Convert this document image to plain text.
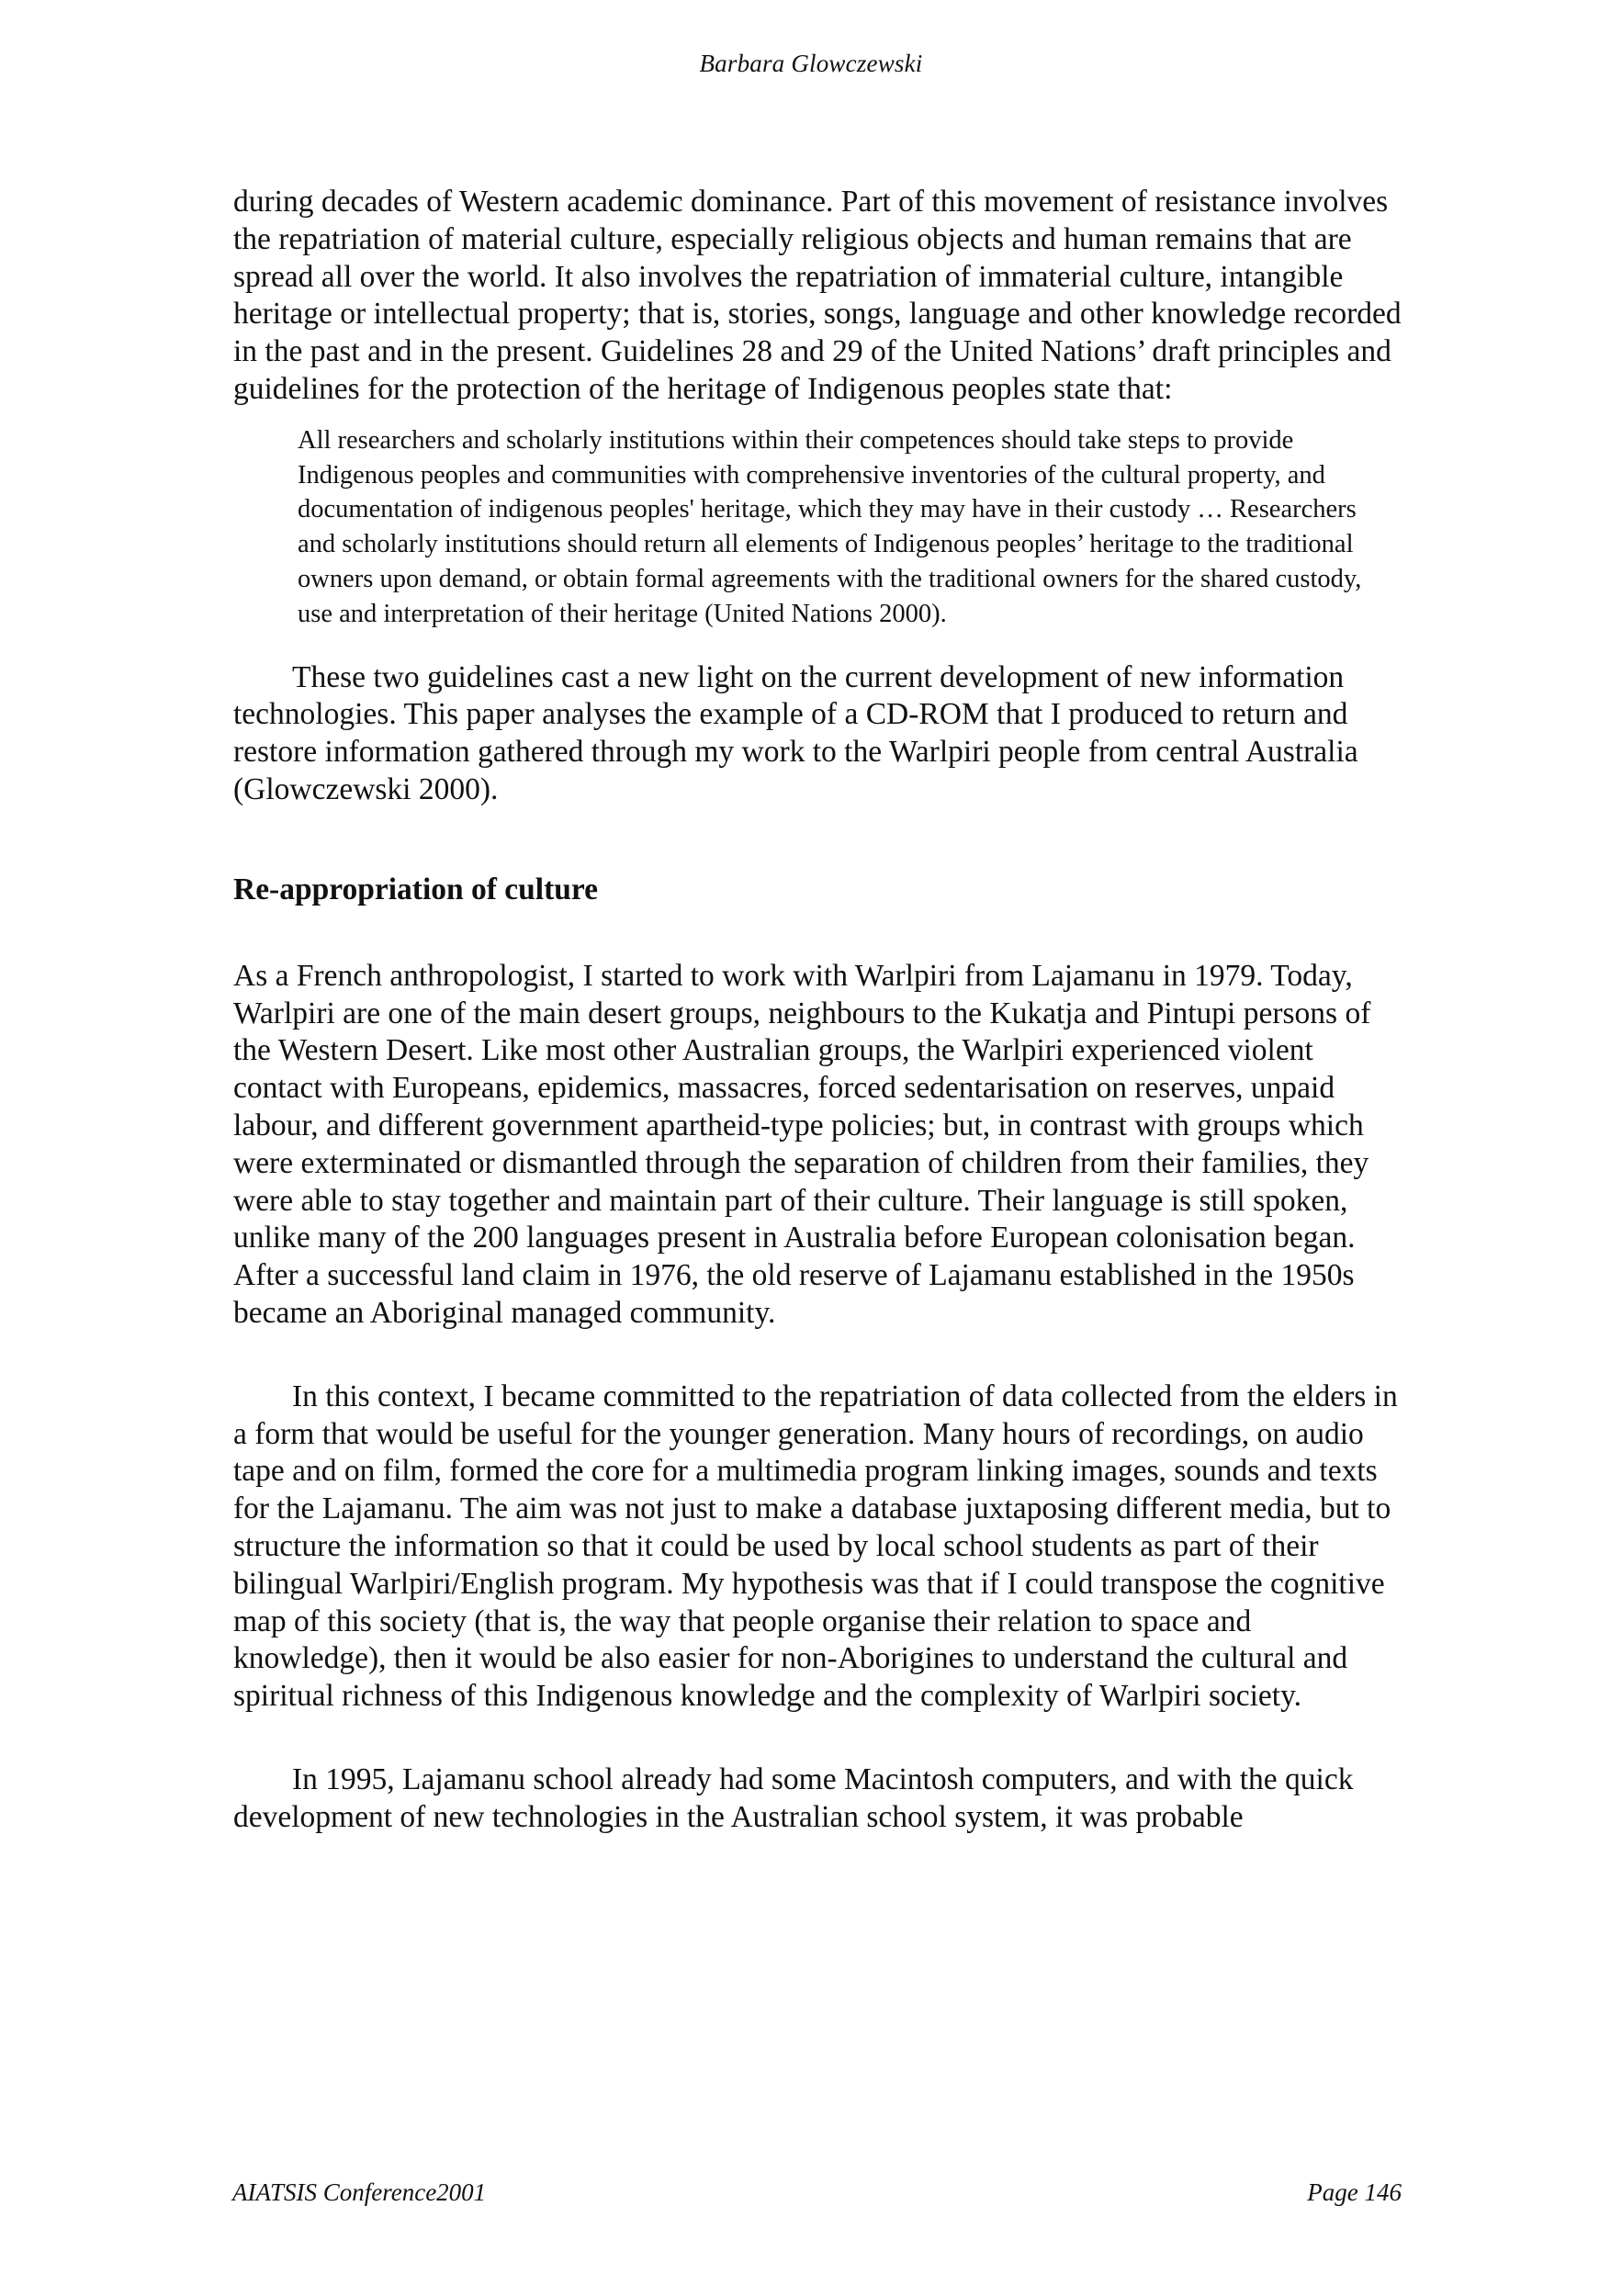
Barbara Glowczewski

during decades of Western academic dominance. Part of this movement of resistance involves the repatriation of material culture, especially religious objects and human remains that are spread all over the world. It also involves the repatriation of immaterial culture, intangible heritage or intellectual property; that is, stories, songs, language and other knowledge recorded in the past and in the present. Guidelines 28 and 29 of the United Nations’ draft principles and guidelines for the protection of the heritage of Indigenous peoples state that:

All researchers and scholarly institutions within their competences should take steps to provide Indigenous peoples and communities with comprehensive inventories of the cultural property, and documentation of indigenous peoples' heritage, which they may have in their custody … Researchers and scholarly institutions should return all elements of Indigenous peoples’ heritage to the traditional owners upon demand, or obtain formal agreements with the traditional owners for the shared custody, use and interpretation of their heritage (United Nations 2000).

These two guidelines cast a new light on the current development of new information technologies. This paper analyses the example of a CD-ROM that I produced to return and restore information gathered through my work to the Warlpiri people from central Australia (Glowczewski 2000).

Re-appropriation of culture

As a French anthropologist, I started to work with Warlpiri from Lajamanu in 1979. Today, Warlpiri are one of the main desert groups, neighbours to the Kukatja and Pintupi persons of the Western Desert. Like most other Australian groups, the Warlpiri experienced violent contact with Europeans, epidemics, massacres, forced sedentarisation on reserves, unpaid labour, and different government apartheid-type policies; but, in contrast with groups which were exterminated or dismantled through the separation of children from their families, they were able to stay together and maintain part of their culture. Their language is still spoken, unlike many of the 200 languages present in Australia before European colonisation began. After a successful land claim in 1976, the old reserve of Lajamanu established in the 1950s became an Aboriginal managed community.

In this context, I became committed to the repatriation of data collected from the elders in a form that would be useful for the younger generation. Many hours of recordings, on audio tape and on film, formed the core for a multimedia program linking images, sounds and texts for the Lajamanu. The aim was not just to make a database juxtaposing different media, but to structure the information so that it could be used by local school students as part of their bilingual Warlpiri/English program. My hypothesis was that if I could transpose the cognitive map of this society (that is, the way that people organise their relation to space and knowledge), then it would be also easier for non-Aborigines to understand the cultural and spiritual richness of this Indigenous knowledge and the complexity of Warlpiri society.

In 1995, Lajamanu school already had some Macintosh computers, and with the quick development of new technologies in the Australian school system, it was probable

AIATSIS Conference2001	Page 146
